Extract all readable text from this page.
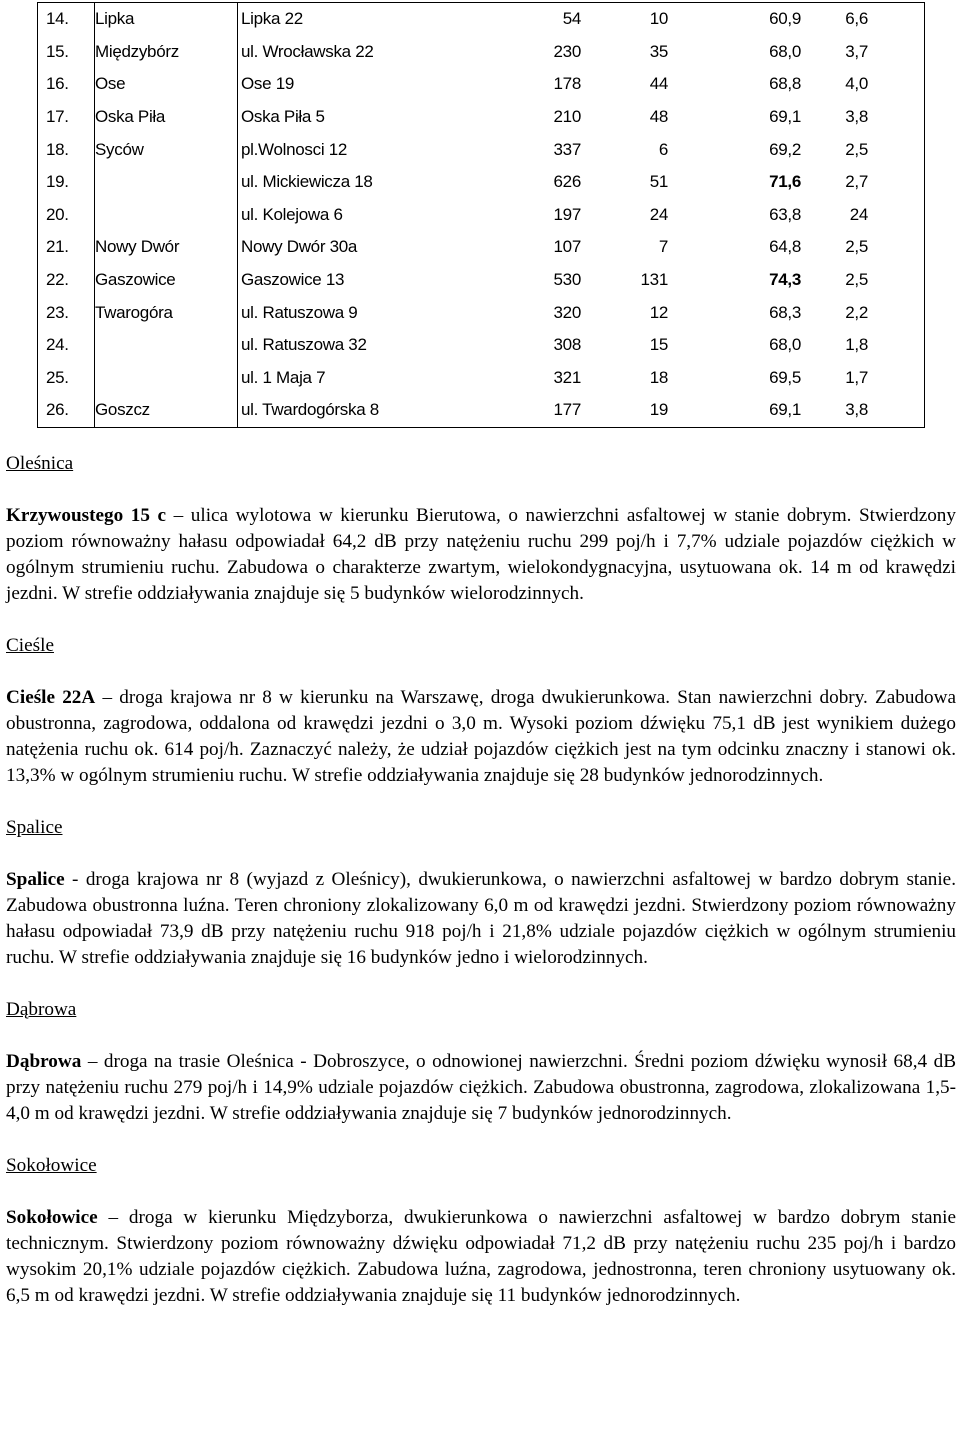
14.	Lipka	Lipka 22	54	10	60,9	6,6
15.	Międzybórz	ul. Wrocławska 22	230	35	68,0	3,7
16.	Ose	Ose 19	178	44	68,8	4,0
17.	Oska Piła	Oska Piła 5	210	48	69,1	3,8
18.	Syców	pl.Wolnosci 12	337	6	69,2	2,5
19.		ul. Mickiewicza 18	626	51	71,6	2,7
20.		ul. Kolejowa 6	197	24	63,8	24
21.	Nowy Dwór	Nowy Dwór 30a	107	7	64,8	2,5
22.	Gaszowice	Gaszowice 13	530	131	74,3	2,5
23.	Twarogóra	ul. Ratuszowa 9	320	12	68,3	2,2
24.		ul. Ratuszowa 32	308	15	68,0	1,8
25.		ul. 1 Maja 7	321	18	69,5	1,7
26.	Goszcz	ul. Twardogórska 8	177	19	69,1	3,8
Oleśnica

Krzywoustego 15 c – ulica wylotowa w kierunku Bierutowa, o nawierzchni asfaltowej w stanie dobrym. Stwierdzony poziom równoważny hałasu odpowiadał 64,2 dB przy natężeniu ruchu 299 poj/h i 7,7% udziale pojazdów ciężkich w ogólnym strumieniu ruchu. Zabudowa o charakterze zwartym, wielokondygnacyjna, usytuowana ok. 14 m od krawędzi jezdni. W strefie oddziaływania znajduje się 5 budynków wielorodzinnych.

Cieśle

Cieśle 22A – droga krajowa nr 8 w kierunku na Warszawę, droga dwukierunkowa. Stan nawierzchni dobry. Zabudowa obustronna, zagrodowa, oddalona od krawędzi jezdni o 3,0 m. Wysoki poziom dźwięku 75,1 dB jest wynikiem dużego natężenia ruchu ok. 614 poj/h. Zaznaczyć należy, że udział pojazdów ciężkich jest na tym odcinku znaczny i stanowi ok. 13,3% w ogólnym strumieniu ruchu. W strefie oddziaływania znajduje się 28 budynków jednorodzinnych.

Spalice

Spalice - droga krajowa nr 8 (wyjazd z Oleśnicy), dwukierunkowa, o nawierzchni asfaltowej w bardzo dobrym stanie. Zabudowa obustronna luźna. Teren chroniony zlokalizowany 6,0 m od krawędzi jezdni. Stwierdzony poziom równoważny hałasu odpowiadał 73,9 dB przy natężeniu ruchu 918 poj/h i 21,8% udziale pojazdów ciężkich w ogólnym strumieniu ruchu. W strefie oddziaływania znajduje się 16 budynków jedno i wielorodzinnych.

Dąbrowa

Dąbrowa – droga na trasie Oleśnica - Dobroszyce, o odnowionej nawierzchni. Średni poziom dźwięku wynosił 68,4 dB przy natężeniu ruchu 279 poj/h i 14,9% udziale pojazdów ciężkich. Zabudowa obustronna, zagrodowa, zlokalizowana 1,5-4,0 m od krawędzi jezdni. W strefie oddziaływania znajduje się 7 budynków jednorodzinnych.

Sokołowice

Sokołowice – droga w kierunku Międzyborza, dwukierunkowa o nawierzchni asfaltowej w bardzo dobrym stanie technicznym. Stwierdzony poziom równoważny dźwięku odpowiadał 71,2 dB przy natężeniu ruchu 235 poj/h i bardzo wysokim 20,1% udziale pojazdów ciężkich. Zabudowa luźna, zagrodowa, jednostronna, teren chroniony usytuowany ok. 6,5 m od krawędzi jezdni. W strefie oddziaływania znajduje się 11 budynków jednorodzinnych.
